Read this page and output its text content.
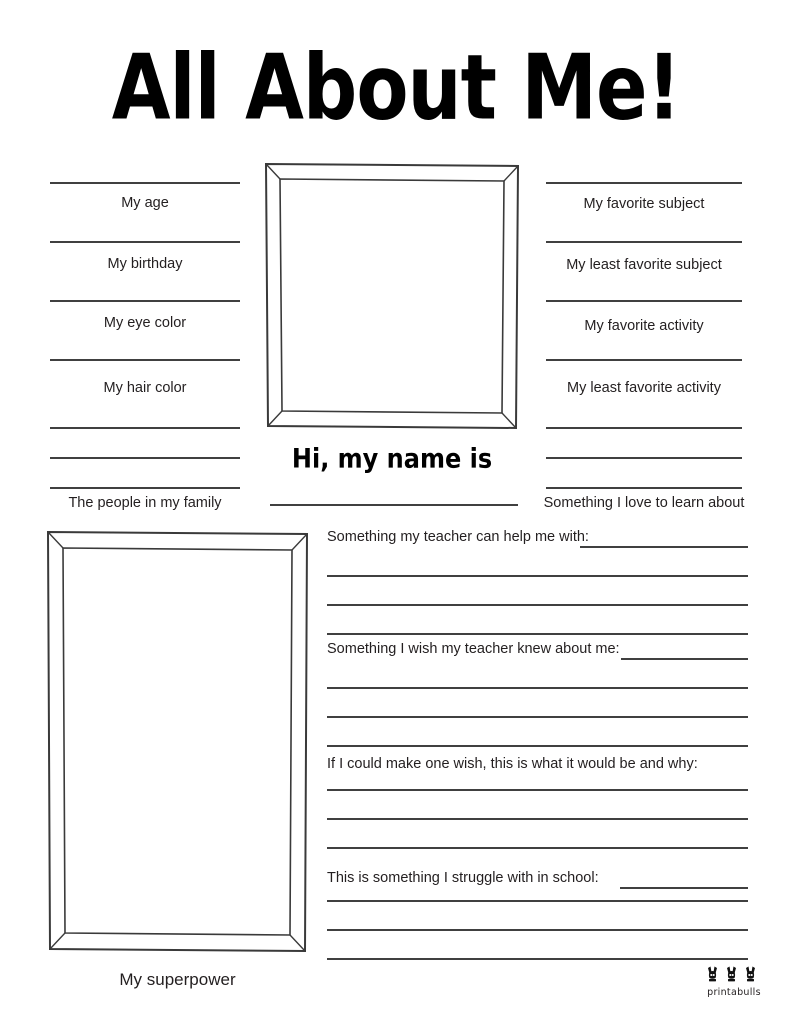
All About Me!
My age
My birthday
My eye color
My hair color
The people in my family
My favorite subject
My least favorite subject
My favorite activity
My least favorite activity
Something I love to learn about
Hi, my name is
My superpower
Something my teacher can help me with:
Something I wish my teacher knew about me:
If I could make one wish, this is what it would be and why:
This is something I struggle with in school:
printabulls
